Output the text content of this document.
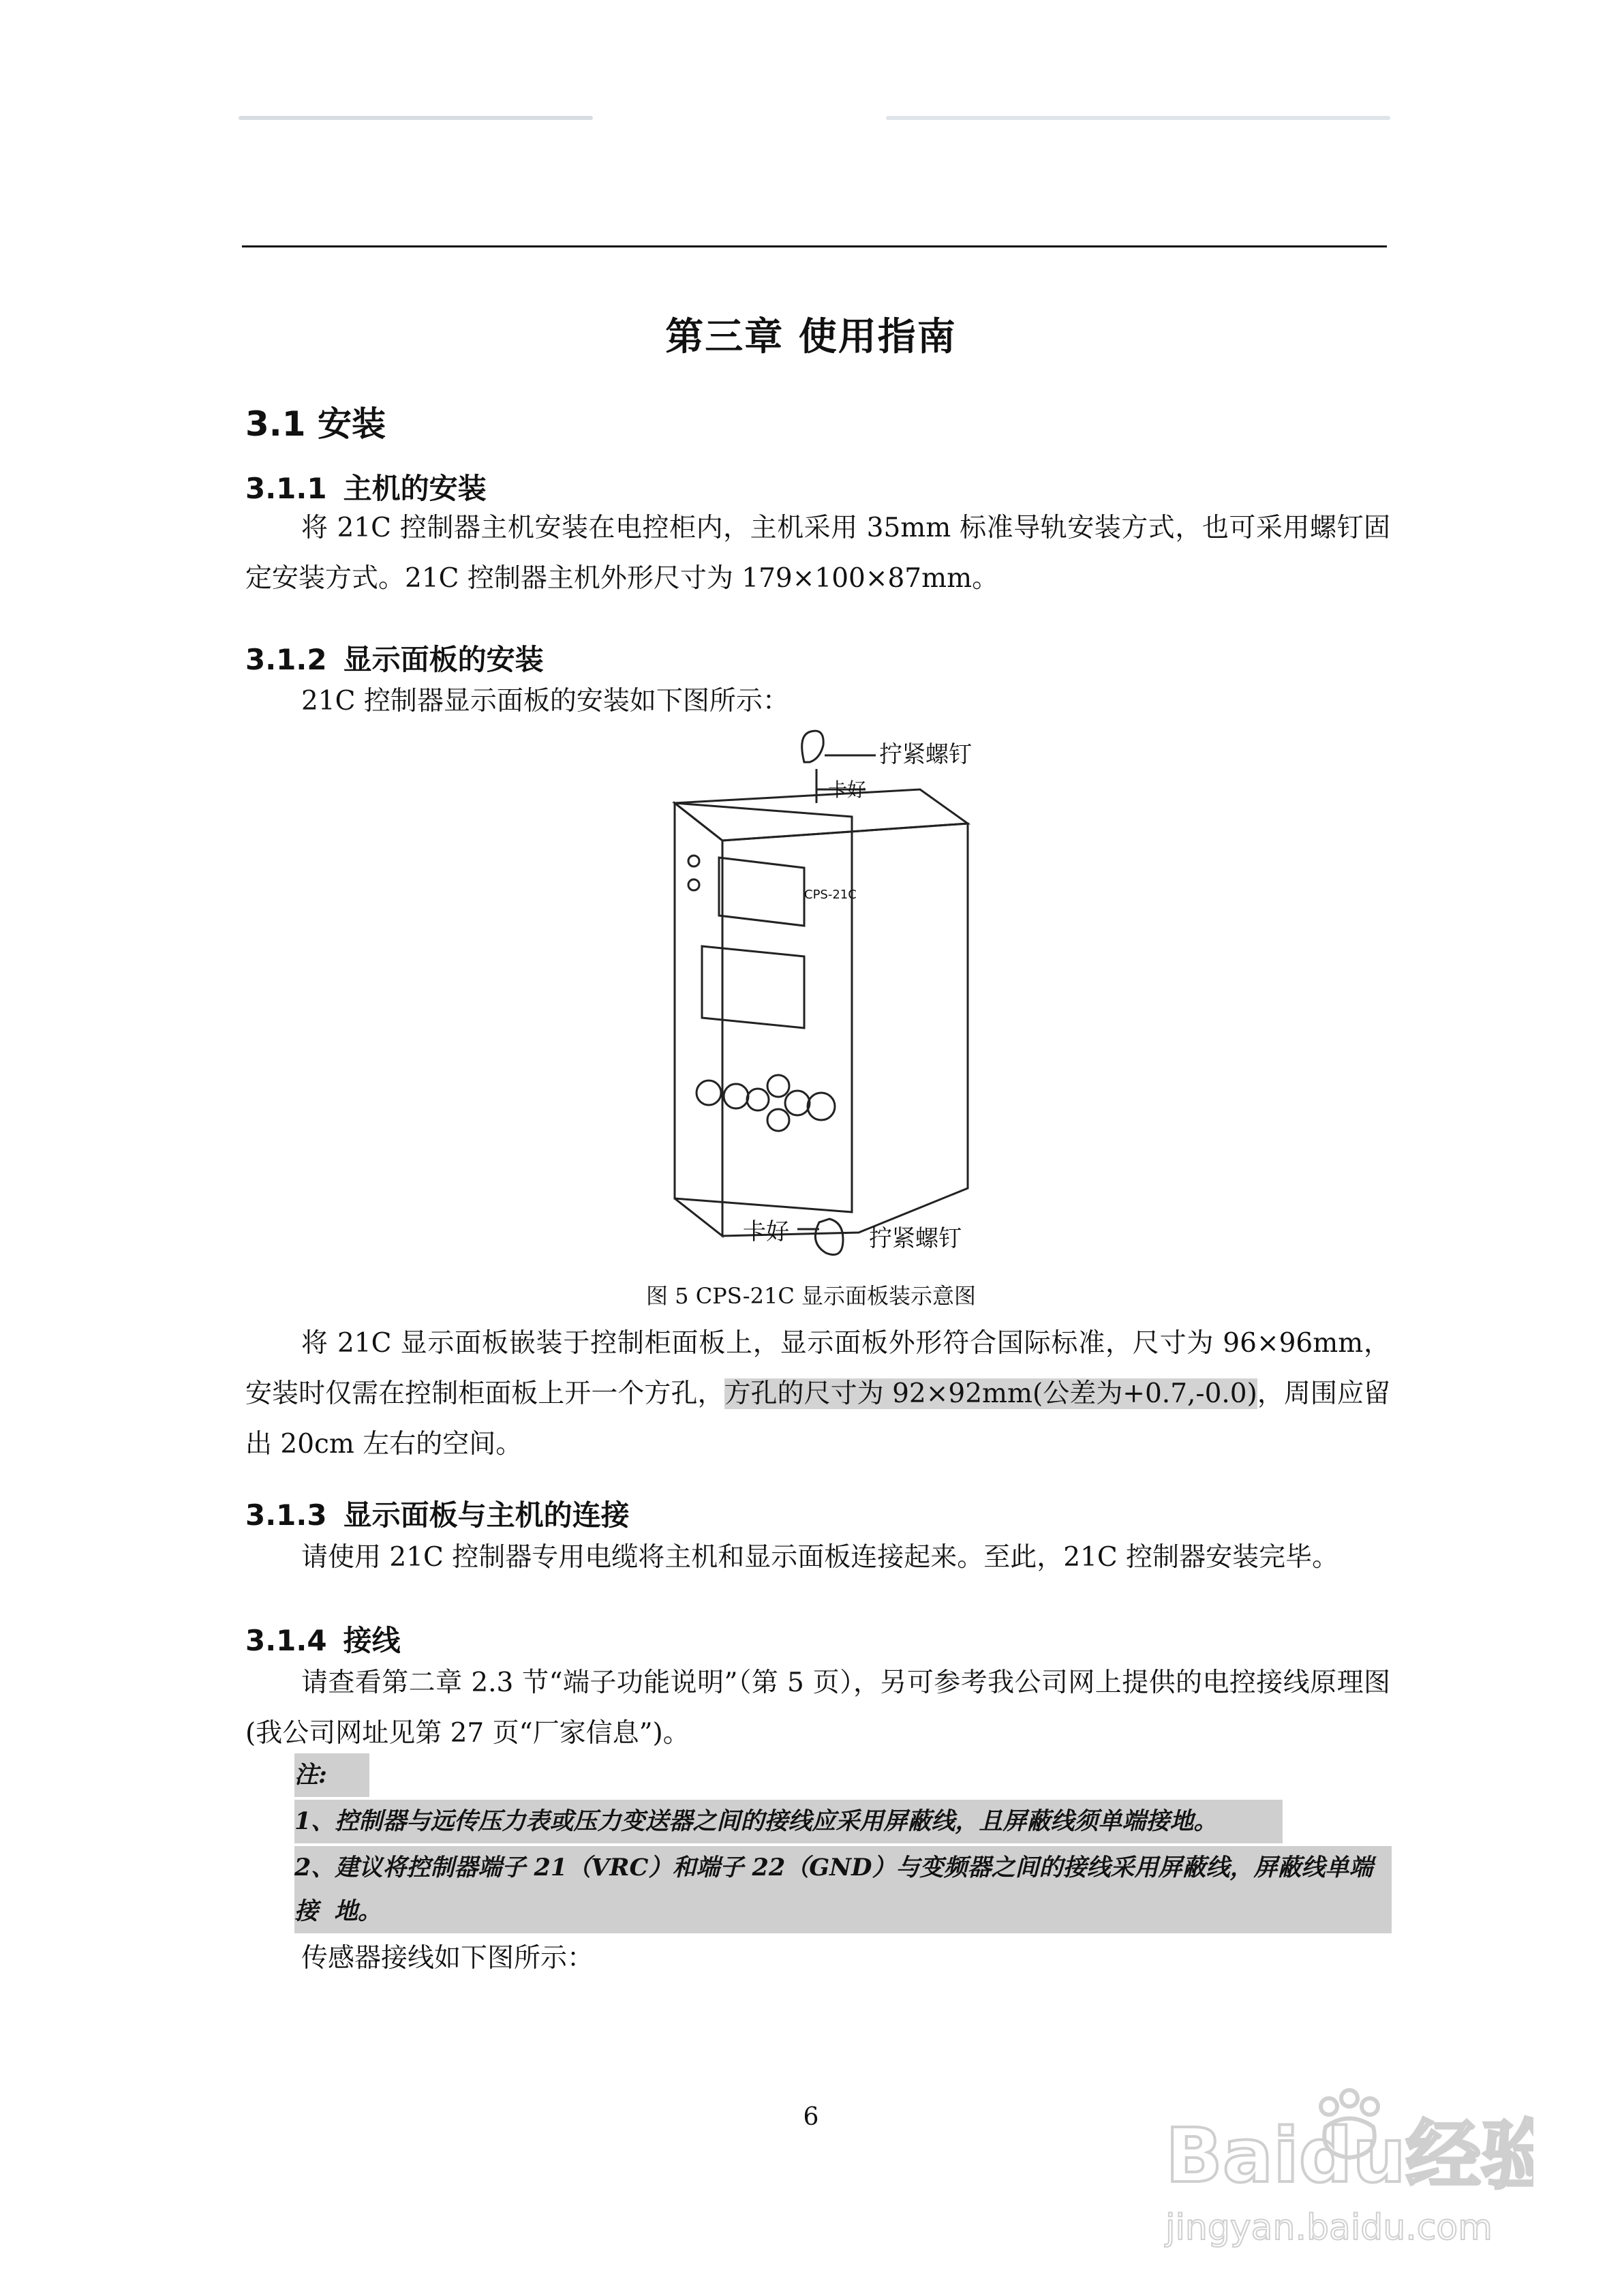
第三章 使用指南
3.1 安装
3.1.1 主机的安装
将 21C 控制器主机安装在电控柜内，主机采用 35mm 标准导轨安装方式，也可采用螺钉固定安装方式。21C 控制器主机外形尺寸为 179×100×87mm。
3.1.2 显示面板的安装
21C 控制器显示面板的安装如下图所示：
拧紧螺钉
卡好
CPS-21C
卡好	拧紧螺钉
图 5 CPS-21C 显示面板装示意图
将 21C 显示面板嵌装于控制柜面板上，显示面板外形符合国际标准，尺寸为 96×96mm，安装时仅需在控制柜面板上开一个方孔，方孔的尺寸为 92×92mm(公差为+0.7,-0.0)，周围应留出 20cm 左右的空间。
3.1.3 显示面板与主机的连接
请使用 21C 控制器专用电缆将主机和显示面板连接起来。至此，21C 控制器安装完毕。
3.1.4 接线
请查看第二章 2.3 节“端子功能说明”（第 5 页），另可参考我公司网上提供的电控接线原理图(我公司网址见第 27 页“厂家信息”)。
注:
1、控制器与远传压力表或压力变送器之间的接线应采用屏蔽线，且屏蔽线须单端接地。
2、建议将控制器端子 21（VRC）和端子 22（GND）与变频器之间的接线采用屏蔽线，屏蔽线单端接 地。
传感器接线如下图所示：
6	Baidu经验
jingyan.baidu.com
